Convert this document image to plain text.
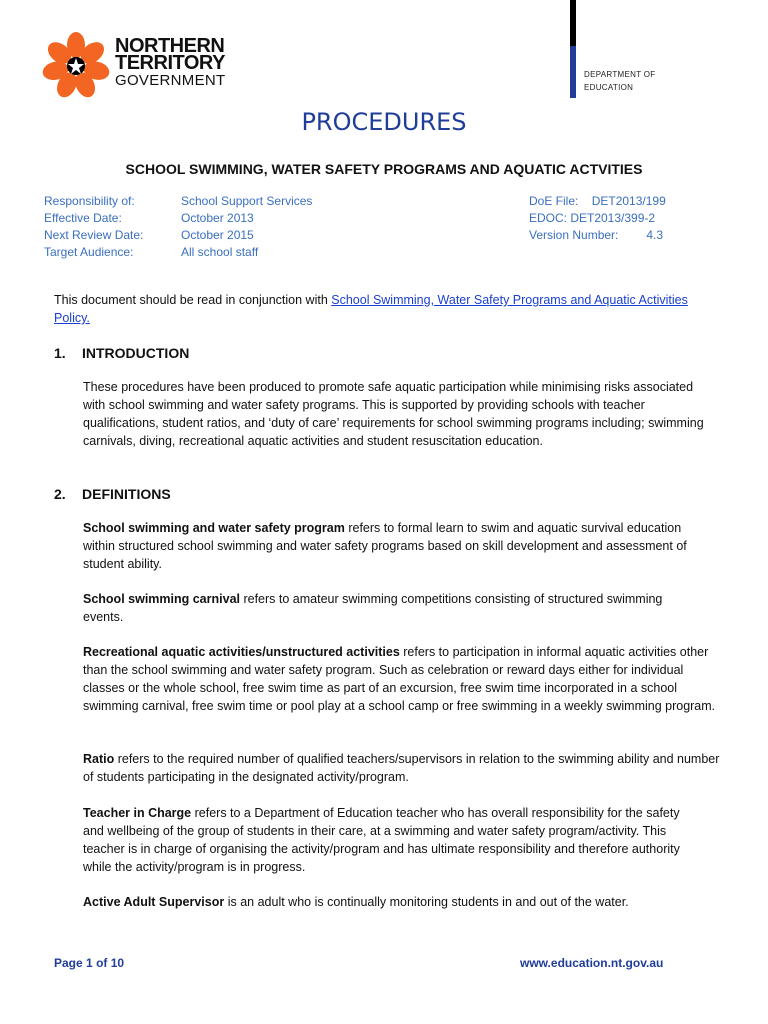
NORTHERN
TERRITORY
GOVERNMENT	DEPARTMENT OF
EDUCATION
PROCEDURES
SCHOOL SWIMMING, WATER SAFETY PROGRAMS AND AQUATIC ACTVITIES
Responsibility of:
Effective Date:
Next Review Date:
Target Audience:
School Support Services
October 2013
October 2015
All school staff
DoE File: DET2013/199
EDOC: DET2013/399-2
Version Number: 4.3
This document should be read in conjunction with School Swimming, Water Safety Programs and Aquatic Activities Policy.
1. INTRODUCTION
These procedures have been produced to promote safe aquatic participation while minimising risks associated with school swimming and water safety programs. This is supported by providing schools with teacher qualifications, student ratios, and ‘duty of care’ requirements for school swimming programs including; swimming carnivals, diving, recreational aquatic activities and student resuscitation education.
2. DEFINITIONS
School swimming and water safety program refers to formal learn to swim and aquatic survival education within structured school swimming and water safety programs based on skill development and assessment of student ability.
School swimming carnival refers to amateur swimming competitions consisting of structured swimming events.
Recreational aquatic activities/unstructured activities refers to participation in informal aquatic activities other than the school swimming and water safety program. Such as celebration or reward days either for individual classes or the whole school, free swim time as part of an excursion, free swim time incorporated in a school swimming carnival, free swim time or pool play at a school camp or free swimming in a weekly swimming program.
Ratio refers to the required number of qualified teachers/supervisors in relation to the swimming ability and number of students participating in the designated activity/program.
Teacher in Charge refers to a Department of Education teacher who has overall responsibility for the safety and wellbeing of the group of students in their care, at a swimming and water safety program/activity. This teacher is in charge of organising the activity/program and has ultimate responsibility and therefore authority while the activity/program is in progress.
Active Adult Supervisor is an adult who is continually monitoring students in and out of the water.
Page 1 of 10	www.education.nt.gov.au
